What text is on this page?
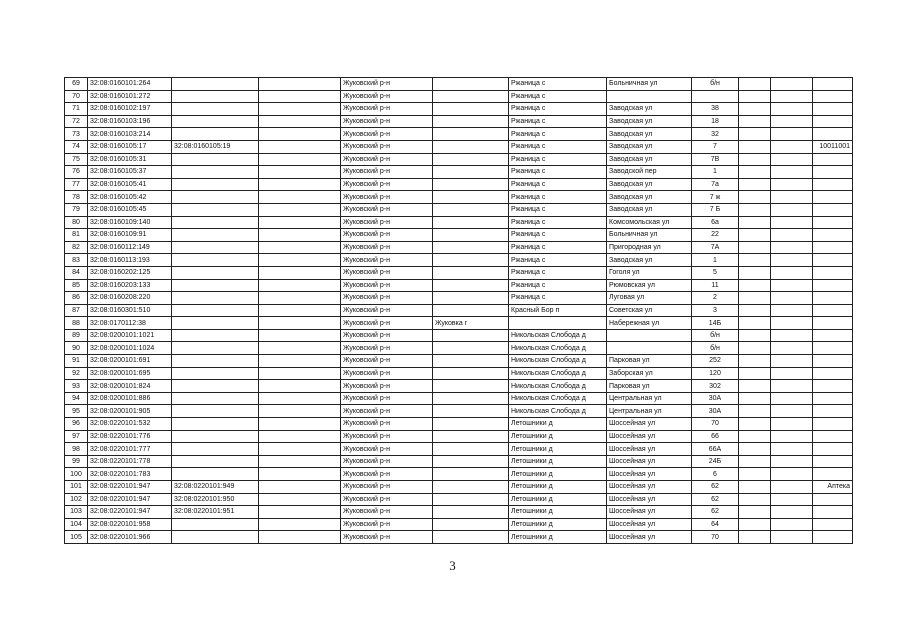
69	32:08:0160101:264			Жуковский р-н		Ржаница с	Больничная ул	б/н			
70	32:08:0160101:272			Жуковский р-н		Ржаница с					
71	32:08:0160102:197			Жуковский р-н		Ржаница с	Заводская ул	38			
72	32:08:0160103:196			Жуковский р-н		Ржаница с	Заводская ул	18			
73	32:08:0160103:214			Жуковский р-н		Ржаница с	Заводская ул	32			
74	32:08:0160105:17	32:08:0160105:19		Жуковский р-н		Ржаница с	Заводская ул	7			10011001
75	32:08:0160105:31			Жуковский р-н		Ржаница с	Заводская ул	7В			
76	32:08:0160105:37			Жуковский р-н		Ржаница с	Заводской пер	1			
77	32:08:0160105:41			Жуковский р-н		Ржаница с	Заводская ул	7а			
78	32:08:0160105:42			Жуковский р-н		Ржаница с	Заводская ул	7 ж			
79	32:08:0160105:45			Жуковский р-н		Ржаница с	Заводская ул	7 Б			
80	32:08:0160109:140			Жуковский р-н		Ржаница с	Комсомольская ул	6а			
81	32:08:0160109:91			Жуковский р-н		Ржаница с	Больничная ул	22			
82	32:08:0160112:149			Жуковский р-н		Ржаница с	Пригородная ул	7А			
83	32:08:0160113:193			Жуковский р-н		Ржаница с	Заводская ул	1			
84	32:08:0160202:125			Жуковский р-н		Ржаница с	Гоголя ул	5			
85	32:08:0160203:133			Жуковский р-н		Ржаница с	Рюмовская ул	11			
86	32:08:0160208:220			Жуковский р-н		Ржаница с	Луговая ул	2			
87	32:08:0160301:510			Жуковский р-н		Красный Бор п	Советская ул	3			
88	32:08:0170112:38			Жуковский р-н	Жуковка г		Набережная ул	14Б			
89	32:08:0200101:1021			Жуковский р-н		Никольская Слобода д		б/н			
90	32:08:0200101:1024			Жуковский р-н		Никольская Слобода д		б/н			
91	32:08:0200101:691			Жуковский р-н		Никольская Слобода д	Парковая ул	252			
92	32:08:0200101:695			Жуковский р-н		Никольская Слобода д	Заборская ул	120			
93	32:08:0200101:824			Жуковский р-н		Никольская Слобода д	Парковая ул	302			
94	32:08:0200101:886			Жуковский р-н		Никольская Слобода д	Центральная ул	30А			
95	32:08:0200101:905			Жуковский р-н		Никольская Слобода д	Центральная ул	30А			
96	32:08:0220101:532			Жуковский р-н		Летошники д	Шоссейная ул	70			
97	32:08:0220101:776			Жуковский р-н		Летошники д	Шоссейная ул	66			
98	32:08:0220101:777			Жуковский р-н		Летошники д	Шоссейная ул	66А			
99	32:08:0220101:778			Жуковский р-н		Летошники д	Шоссейная ул	24Б			
100	32:08:0220101:783			Жуковский р-н		Летошники д	Шоссейная ул	6			
101	32:08:0220101:947	32:08:0220101:949		Жуковский р-н		Летошники д	Шоссейная ул	62			Аптека
102	32:08:0220101:947	32:08:0220101:950		Жуковский р-н		Летошники д	Шоссейная ул	62			
103	32:08:0220101:947	32:08:0220101:951		Жуковский р-н		Летошники д	Шоссейная ул	62			
104	32:08:0220101:958			Жуковский р-н		Летошники д	Шоссейная ул	64			
105	32:08:0220101:966			Жуковский р-н		Летошники д	Шоссейная ул	70			
3
